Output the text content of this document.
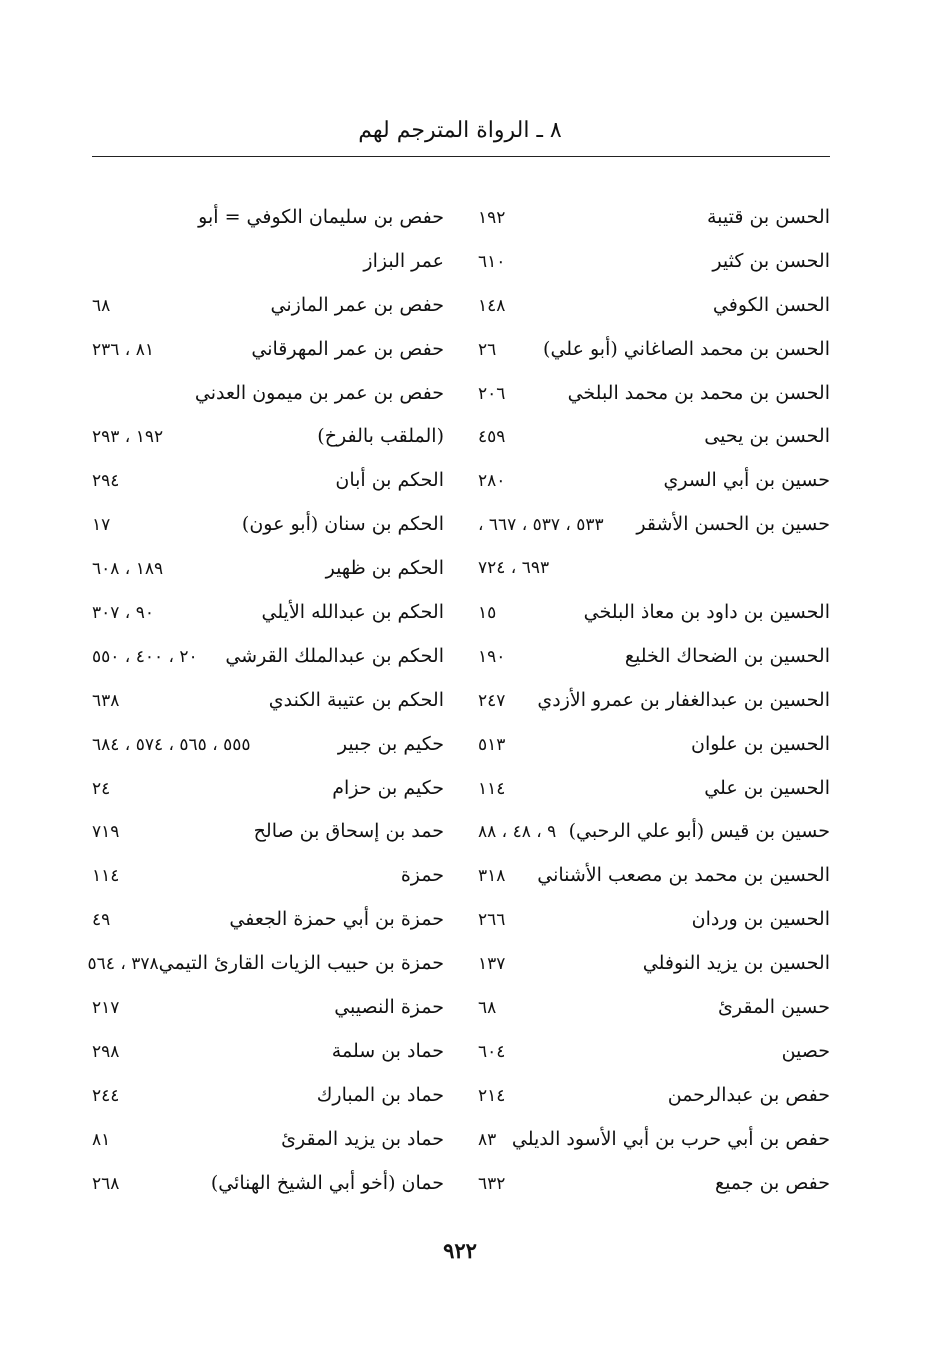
٨ ـ الرواة المترجم لهم
الحسن بن قتيبة
١٩٢
الحسن بن كثير
٦١٠
الحسن الكوفي
١٤٨
الحسن بن محمد الصاغاني (أبو علي)
٢٦
الحسن بن محمد بن محمد البلخي
٢٠٦
الحسن بن يحيى
٤٥٩
حسين بن أبي السري
٢٨٠
حسين بن الحسن الأشقر
٥٣٣ ، ٥٣٧ ، ٦٦٧ ،
٦٩٣ ، ٧٢٤
الحسين بن داود بن معاذ البلخي
١٥
الحسين بن الضحاك الخليع
١٩٠
الحسين بن عبدالغفار بن عمرو الأزدي
٢٤٧
الحسين بن علوان
٥١٣
الحسين بن علي
١١٤
حسين بن قيس (أبو علي الرحبي)
٩ ، ٤٨ ، ٨٨
الحسين بن محمد بن مصعب الأشناني
٣١٨
الحسين بن وردان
٢٦٦
الحسين بن يزيد النوفلي
١٣٧
حسين المقرئ
٦٨
حصين
٦٠٤
حفص بن عبدالرحمن
٢١٤
حفص بن أبي حرب بن أبي الأسود الديلي
٨٣
حفص بن جميع
٦٣٢
حفص بن سليمان الكوفي = أبو
عمر البزاز
حفص بن عمر المازني
٦٨
حفص بن عمر المهرقاني
٨١ ، ٢٣٦
حفص بن عمر بن ميمون العدني
(الملقب بالفرخ)
١٩٢ ، ٢٩٣
الحكم بن أبان
٢٩٤
الحكم بن سنان (أبو عون)
١٧
الحكم بن ظهير
١٨٩ ، ٦٠٨
الحكم بن عبدالله الأيلي
٩٠ ، ٣٠٧
الحكم بن عبدالملك القرشي
٢٠ ، ٤٠٠ ، ٥٥٠
الحكم بن عتيبة الكندي
٦٣٨
حكيم بن جبير
٥٥٥ ، ٥٦٥ ، ٥٧٤ ، ٦٨٤
حكيم بن حزام
٢٤
حمد بن إسحاق بن صالح
٧١٩
حمزة
١١٤
حمزة بن أبي حمزة الجعفي
٤٩
حمزة بن حبيب الزيات القارئ التيمي
٣٧٨ ، ٥٦٤
حمزة النصيبي
٢١٧
حماد بن سلمة
٢٩٨
حماد بن المبارك
٢٤٤
حماد بن يزيد المقرئ
٨١
حمان (أخو أبي الشيخ الهنائي)
٢٦٨
٩٢٢
